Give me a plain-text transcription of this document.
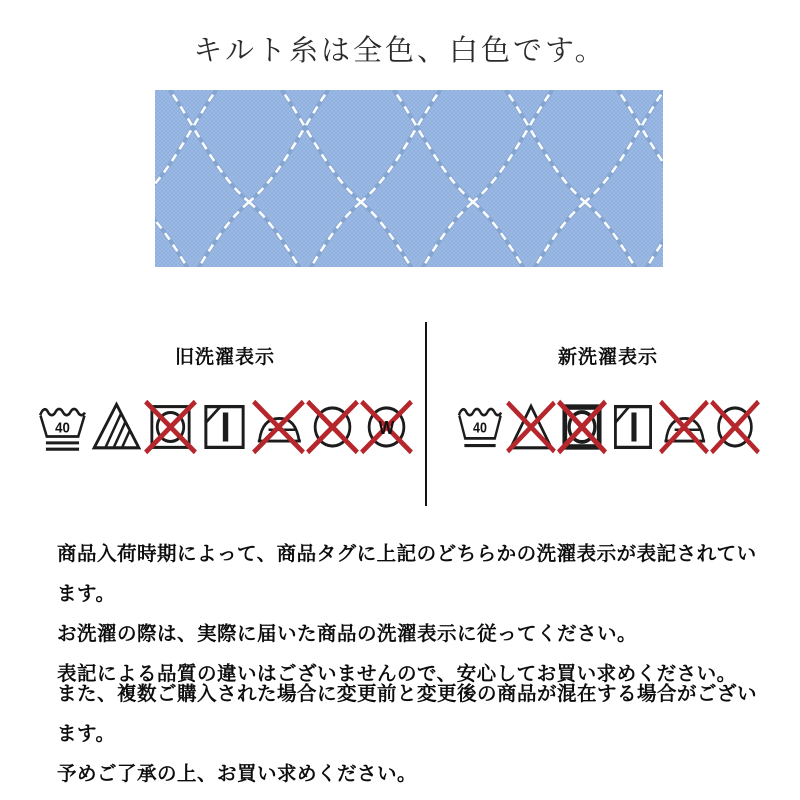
キルト糸は全色、白色です。
旧洗濯表示
40	W
新洗濯表示
40

商品入荷時期によって、商品タグに上記のどちらかの洗濯表示が表記されています。

お洗濯の際は、実際に届いた商品の洗濯表示に従ってください。

表記による品質の違いはございませんので、安心してお買い求めください。

また、複数ご購入された場合に変更前と変更後の商品が混在する場合がございます。

予めご了承の上、お買い求めください。
